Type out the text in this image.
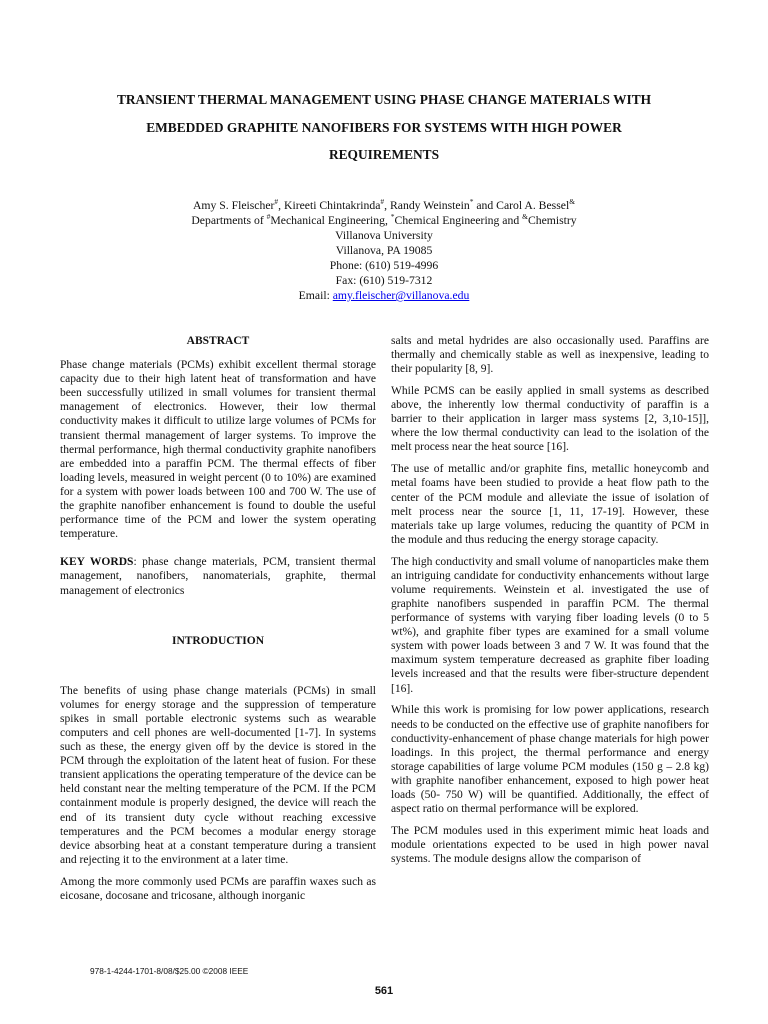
TRANSIENT THERMAL MANAGEMENT USING PHASE CHANGE MATERIALS WITH
EMBEDDED GRAPHITE NANOFIBERS FOR SYSTEMS WITH HIGH POWER
REQUIREMENTS
Amy S. Fleischer#, Kireeti Chintakrinda#, Randy Weinstein* and Carol A. Bessel&
Departments of #Mechanical Engineering, *Chemical Engineering and &Chemistry
Villanova University
Villanova, PA 19085
Phone: (610) 519-4996
Fax: (610) 519-7312
Email: amy.fleischer@villanova.edu
ABSTRACT

Phase change materials (PCMs) exhibit excellent thermal storage capacity due to their high latent heat of transformation and have been successfully utilized in small volumes for transient thermal management of electronics. However, their low thermal conductivity makes it difficult to utilize large volumes of PCMs for transient thermal management of larger systems. To improve the thermal performance, high thermal conductivity graphite nanofibers are embedded into a paraffin PCM. The thermal effects of fiber loading levels, measured in weight percent (0 to 10%) are examined for a system with power loads between 100 and 700 W. The use of the graphite nanofiber enhancement is found to double the useful performance time of the PCM and lower the system operating temperature.

KEY WORDS: phase change materials, PCM, transient thermal management, nanofibers, nanomaterials, graphite, thermal management of electronics

INTRODUCTION

The benefits of using phase change materials (PCMs) in small volumes for energy storage and the suppression of temperature spikes in small portable electronic systems such as wearable computers and cell phones are well-documented [1-7]. In systems such as these, the energy given off by the device is stored in the PCM through the exploitation of the latent heat of fusion. For these transient applications the operating temperature of the device can be held constant near the melting temperature of the PCM. If the PCM containment module is properly designed, the device will reach the end of its transient duty cycle without reaching excessive temperatures and the PCM becomes a modular energy storage device absorbing heat at a constant temperature during a transient and rejecting it to the environment at a later time.

Among the more commonly used PCMs are paraffin waxes such as eicosane, docosane and tricosane, although inorganic

salts and metal hydrides are also occasionally used. Paraffins are thermally and chemically stable as well as inexpensive, leading to their popularity [8, 9].

While PCMS can be easily applied in small systems as described above, the inherently low thermal conductivity of paraffin is a barrier to their application in larger mass systems [2, 3,10-15]], where the low thermal conductivity can lead to the isolation of the melt process near the heat source [16].

The use of metallic and/or graphite fins, metallic honeycomb and metal foams have been studied to provide a heat flow path to the center of the PCM module and alleviate the issue of isolation of melt process near the source [1, 11, 17-19]. However, these materials take up large volumes, reducing the quantity of PCM in the module and thus reducing the energy storage capacity.

The high conductivity and small volume of nanoparticles make them an intriguing candidate for conductivity enhancements without large volume requirements. Weinstein et al. investigated the use of graphite nanofibers suspended in paraffin PCM. The thermal performance of systems with varying fiber loading levels (0 to 5 wt%), and graphite fiber types are examined for a small volume system with power loads between 3 and 7 W. It was found that the maximum system temperature decreased as graphite fiber loading levels increased and that the results were fiber-structure dependent [16].

While this work is promising for low power applications, research needs to be conducted on the effective use of graphite nanofibers for conductivity-enhancement of phase change materials for high power loadings. In this project, the thermal performance and energy storage capabilities of large volume PCM modules (150 g – 2.8 kg) with graphite nanofiber enhancement, exposed to high power heat loads (50- 750 W) will be quantified. Additionally, the effect of aspect ratio on thermal performance will be explored.

The PCM modules used in this experiment mimic heat loads and module orientations expected to be used in high power naval systems. The module designs allow the comparison of

978-1-4244-1701-8/08/$25.00 ©2008 IEEE
561
